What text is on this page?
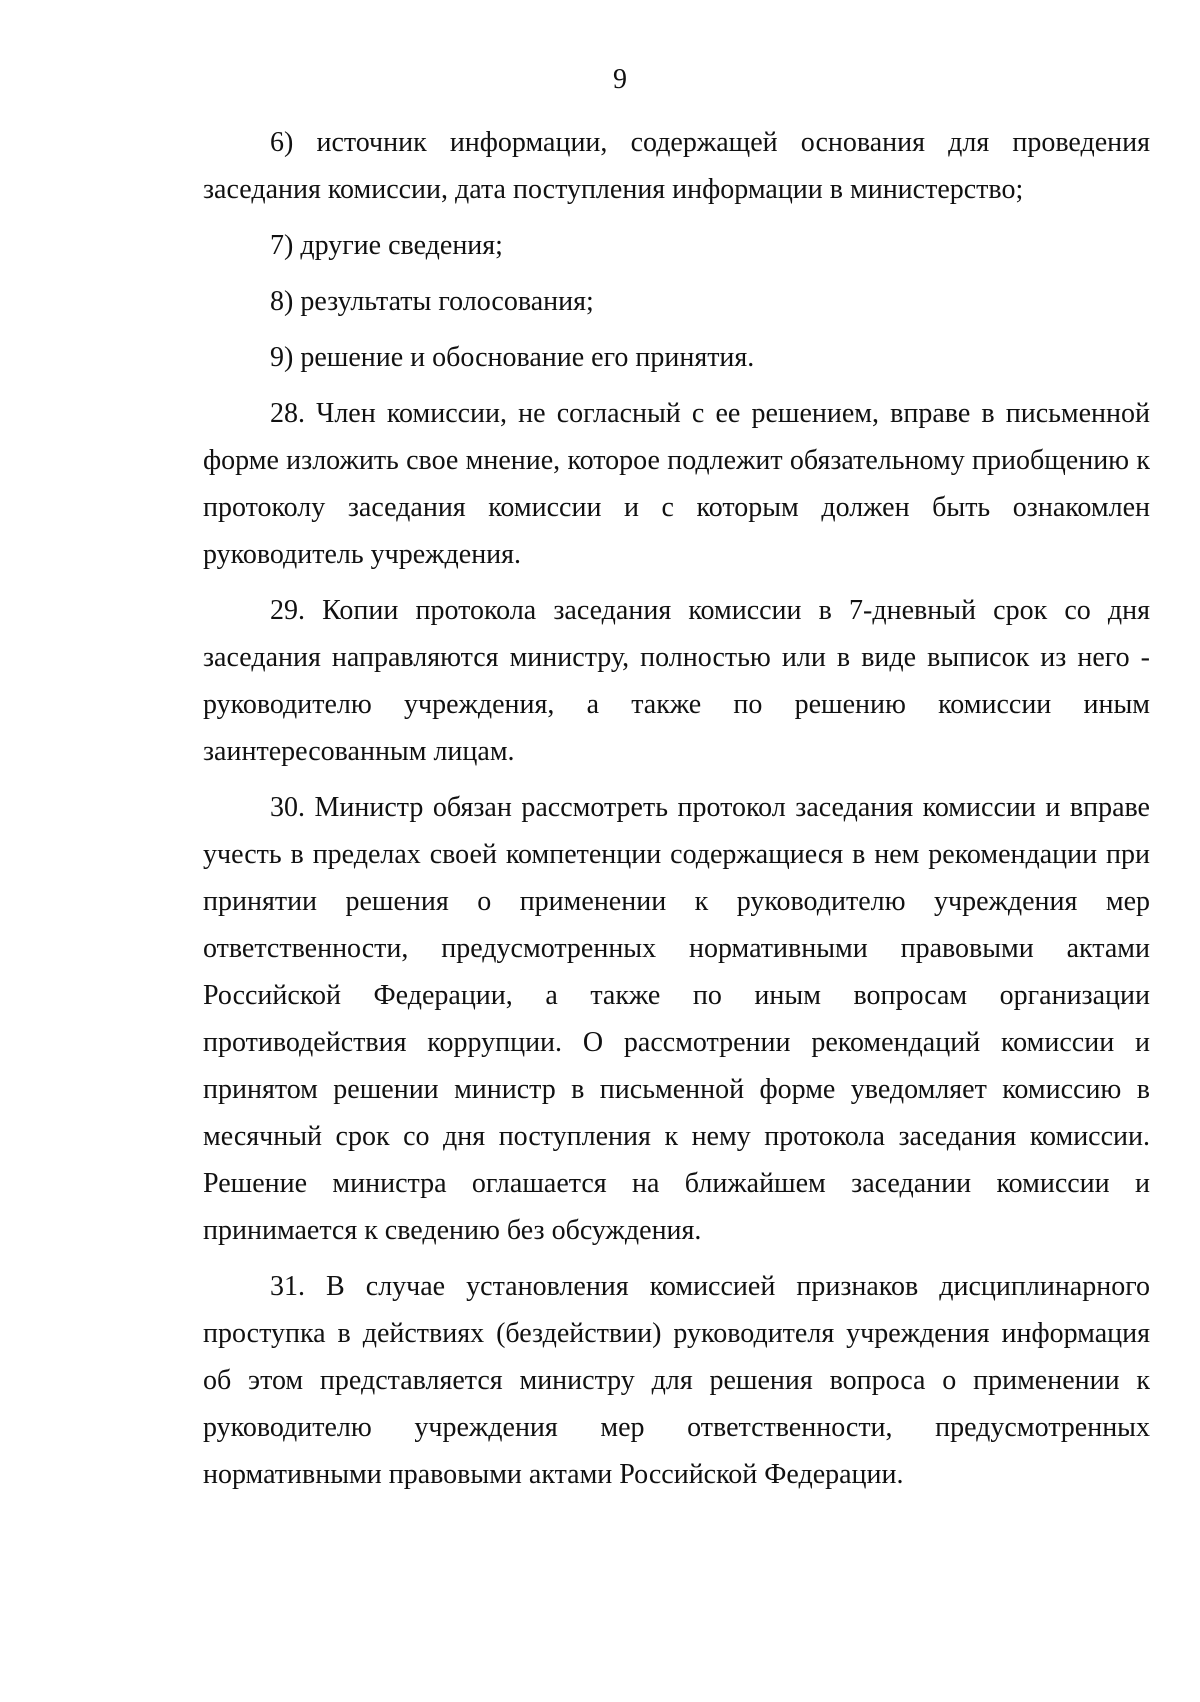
9

6) источник информации, содержащей основания для проведения заседания комиссии, дата поступления информации в министерство;

7) другие сведения;

8) результаты голосования;

9) решение и обоснование его принятия.

28. Член комиссии, не согласный с ее решением, вправе в письменной форме изложить свое мнение, которое подлежит обязательному приобщению к протоколу заседания комиссии и с которым должен быть ознакомлен руководитель учреждения.

29. Копии протокола заседания комиссии в 7-дневный срок со дня заседания направляются министру, полностью или в виде выписок из него - руководителю учреждения, а также по решению комиссии иным заинтересованным лицам.

30. Министр обязан рассмотреть протокол заседания комиссии и вправе учесть в пределах своей компетенции содержащиеся в нем рекомендации при принятии решения о применении к руководителю учреждения мер ответственности, предусмотренных нормативными правовыми актами Российской Федерации, а также по иным вопросам организации противодействия коррупции. О рассмотрении рекомендаций комиссии и принятом решении министр в письменной форме уведомляет комиссию в месячный срок со дня поступления к нему протокола заседания комиссии. Решение министра оглашается на ближайшем заседании комиссии и принимается к сведению без обсуждения.

31. В случае установления комиссией признаков дисциплинарного проступка в действиях (бездействии) руководителя учреждения информация об этом представляется министру для решения вопроса о применении к руководителю учреждения мер ответственности, предусмотренных нормативными правовыми актами Российской Федерации.
